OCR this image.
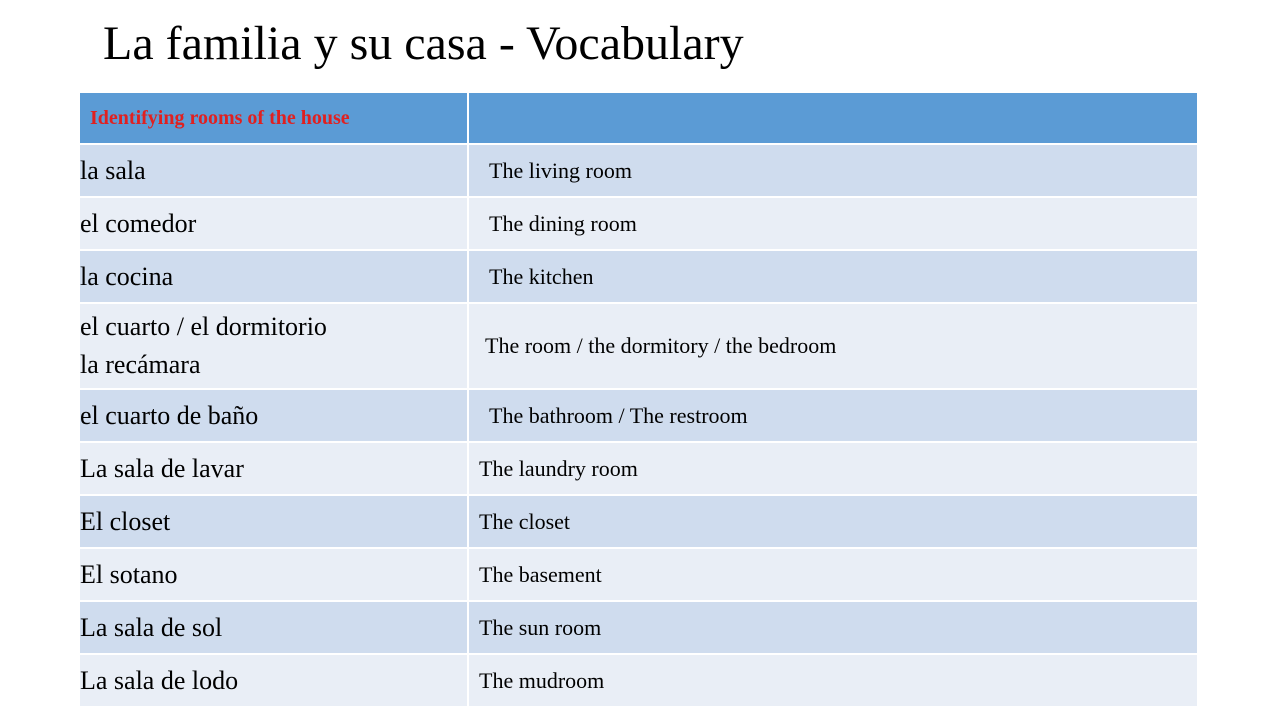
La familia y su casa - Vocabulary
Identifying rooms of the house	

la sala	The living room

el comedor	The dining room

la cocina	The kitchen

el cuarto / el dormitorio
la recámara	The room / the dormitory / the bedroom

el cuarto de baño	The bathroom / The restroom

La sala de lavar	The laundry room

El closet	The closet

El sotano	The basement

La sala de sol	The sun room

La sala de lodo	The mudroom
